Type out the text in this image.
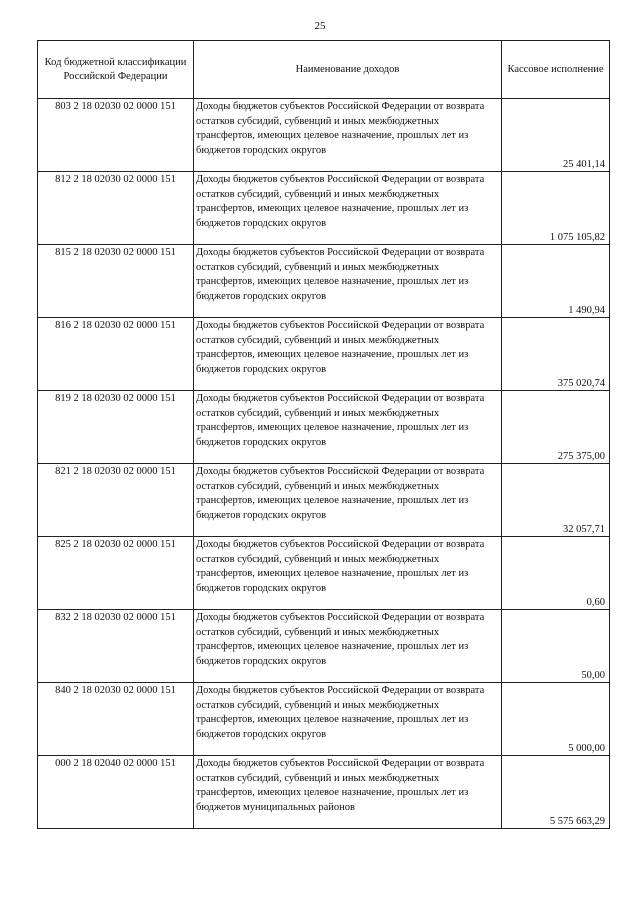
25
Код бюджетной классификации Российской Федерации	Наименование доходов	Кассовое исполнение
803 2 18 02030 02 0000 151	Доходы бюджетов субъектов Российской Федерации от возврата остатков субсидий, субвенций и иных межбюджетных трансфертов, имеющих целевое назначение, прошлых лет из бюджетов городских округов	25 401,14

812 2 18 02030 02 0000 151	Доходы бюджетов субъектов Российской Федерации от возврата остатков субсидий, субвенций и иных межбюджетных трансфертов, имеющих целевое назначение, прошлых лет из бюджетов городских округов	1 075 105,82

815 2 18 02030 02 0000 151	Доходы бюджетов субъектов Российской Федерации от возврата остатков субсидий, субвенций и иных межбюджетных трансфертов, имеющих целевое назначение, прошлых лет из бюджетов городских округов	1 490,94

816 2 18 02030 02 0000 151	Доходы бюджетов субъектов Российской Федерации от возврата остатков субсидий, субвенций и иных межбюджетных трансфертов, имеющих целевое назначение, прошлых лет из бюджетов городских округов	375 020,74

819 2 18 02030 02 0000 151	Доходы бюджетов субъектов Российской Федерации от возврата остатков субсидий, субвенций и иных межбюджетных трансфертов, имеющих целевое назначение, прошлых лет из бюджетов городских округов	275 375,00

821 2 18 02030 02 0000 151	Доходы бюджетов субъектов Российской Федерации от возврата остатков субсидий, субвенций и иных межбюджетных трансфертов, имеющих целевое назначение, прошлых лет из бюджетов городских округов	32 057,71

825 2 18 02030 02 0000 151	Доходы бюджетов субъектов Российской Федерации от возврата остатков субсидий, субвенций и иных межбюджетных трансфертов, имеющих целевое назначение, прошлых лет из бюджетов городских округов	0,60

832 2 18 02030 02 0000 151	Доходы бюджетов субъектов Российской Федерации от возврата остатков субсидий, субвенций и иных межбюджетных трансфертов, имеющих целевое назначение, прошлых лет из бюджетов городских округов	50,00

840 2 18 02030 02 0000 151	Доходы бюджетов субъектов Российской Федерации от возврата остатков субсидий, субвенций и иных межбюджетных трансфертов, имеющих целевое назначение, прошлых лет из бюджетов городских округов	5 000,00

000 2 18 02040 02 0000 151	Доходы бюджетов субъектов Российской Федерации от возврата остатков субсидий, субвенций и иных межбюджетных трансфертов, имеющих целевое назначение, прошлых лет из бюджетов муниципальных районов	5 575 663,29
